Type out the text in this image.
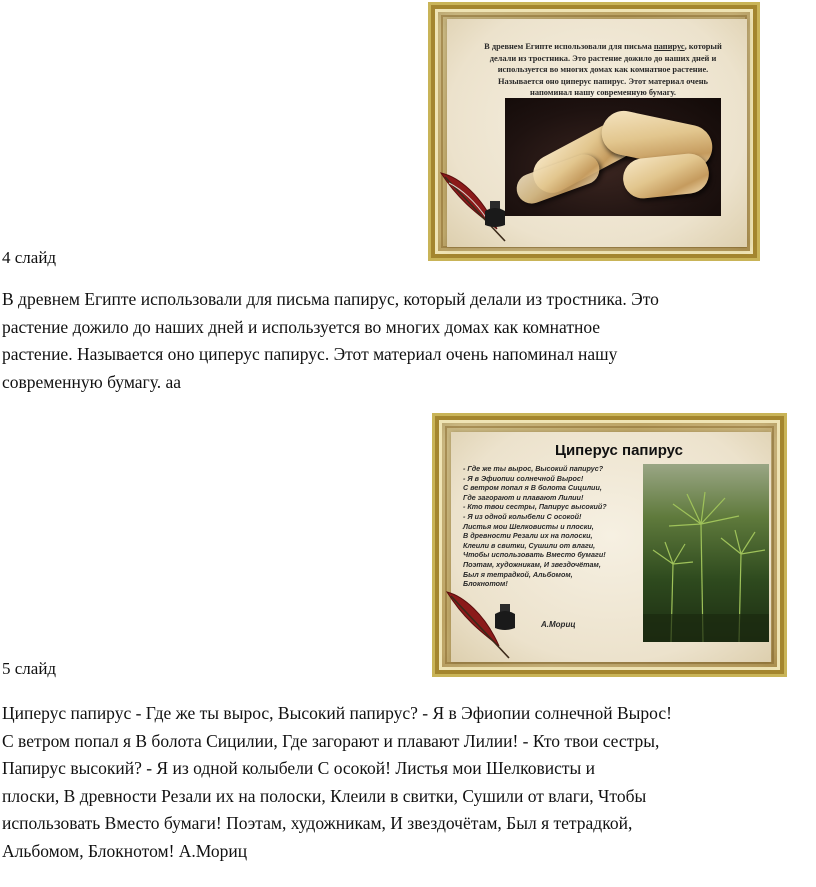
В древнем Египте использовали для письма папирус, который
делали из тростника. Это растение дожило до наших дней и
используется во многих домах как комнатное растение.
Называется оно циперус папирус. Этот материал очень
напоминал нашу современную бумагу.
4 слайд
В древнем Египте использовали для письма папирус, который делали из тростника. Это
растение дожило до наших дней и используется во многих домах как комнатное
растение. Называется оно циперус папирус. Этот материал очень напоминал нашу
современную бумагу. аа
Циперус папирус
- Где же ты вырос, Высокий папирус?
- Я в Эфиопии солнечной Вырос!
С ветром попал я В болота Сицилии,
Где загорают и плавают Лилии!
- Кто твои сестры, Папирус высокий?
- Я из одной колыбели С осокой!
Листья мои Шелковисты и плоски,
В древности Резали их на полоски,
Клеили в свитки, Сушили от влаги,
Чтобы использовать Вместо бумаги!
Поэтам, художникам, И звездочётам,
Был я тетрадкой, Альбомом,
Блокнотом!
А.Мориц
5 слайд
Циперус папирус - Где же ты вырос, Высокий папирус? - Я в Эфиопии солнечной Вырос!
С ветром попал я В болота Сицилии, Где загорают и плавают Лилии! - Кто твои сестры,
Папирус высокий? - Я из одной колыбели С осокой! Листья мои Шелковисты и
плоски, В древности Резали их на полоски, Клеили в свитки, Сушили от влаги, Чтобы
использовать Вместо бумаги! Поэтам, художникам, И звездочётам, Был я тетрадкой,
Альбомом, Блокнотом! А.Мориц
